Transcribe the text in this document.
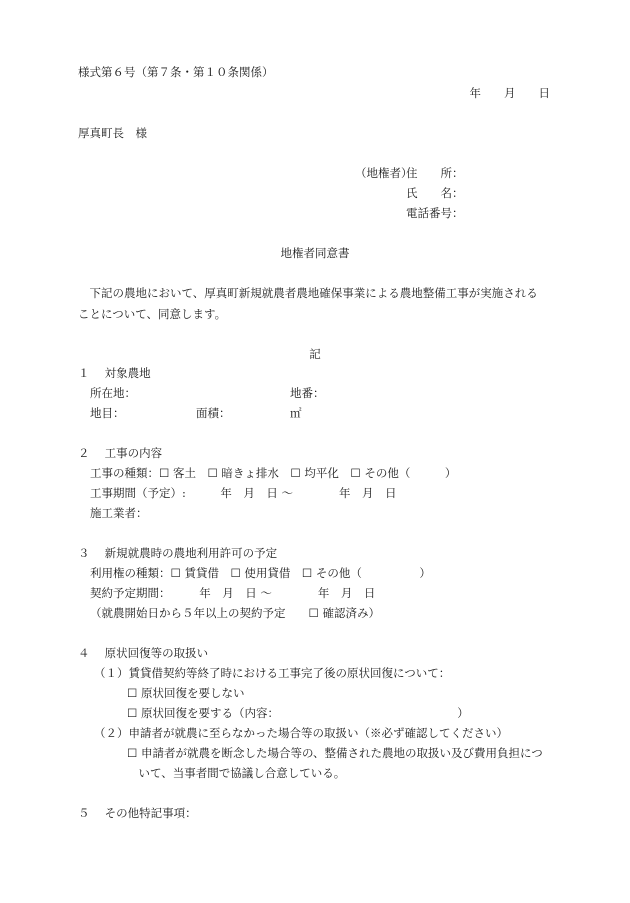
様式第６号（第７条・第１０条関係）
年　　月　　日
厚真町長　様
（地権者）
住　　所：
氏　　名：
電話番号：
地権者同意書
　下記の農地において、厚真町新規就農者農地確保事業による農地整備工事が実施される
ことについて、同意します。
記
１　 対象農地
所在地：	地番：
地目：	面積：	㎡
２　 工事の内容
工事の種類：☐ 客土　☐ 暗きょ排水　☐ 均平化　☐ その他（　　　）
工事期間（予定）:　　　年　月　日 ～　　　　年　月　日
施工業者：
３　 新規就農時の農地利用許可の予定
利用権の種類：☐ 賃貸借　☐ 使用貸借　☐ その他（　　　　　）
契約予定期間：　　　年　月　日 ～　　　　年　月　日
（就農開始日から５年以上の契約予定　　☐ 確認済み）
４　 原状回復等の取扱い
（１）賃貸借契約等終了時における工事完了後の原状回復について：
☐ 原状回復を要しない
☐ 原状回復を要する（内容：　　　　　　　　　　　　　　　　）
（２）申請者が就農に至らなかった場合等の取扱い（※必ず確認してください）
☐ 申請者が就農を断念した場合等の、整備された農地の取扱い及び費用負担につ
　いて、当事者間で協議し合意している。
５　 その他特記事項：
